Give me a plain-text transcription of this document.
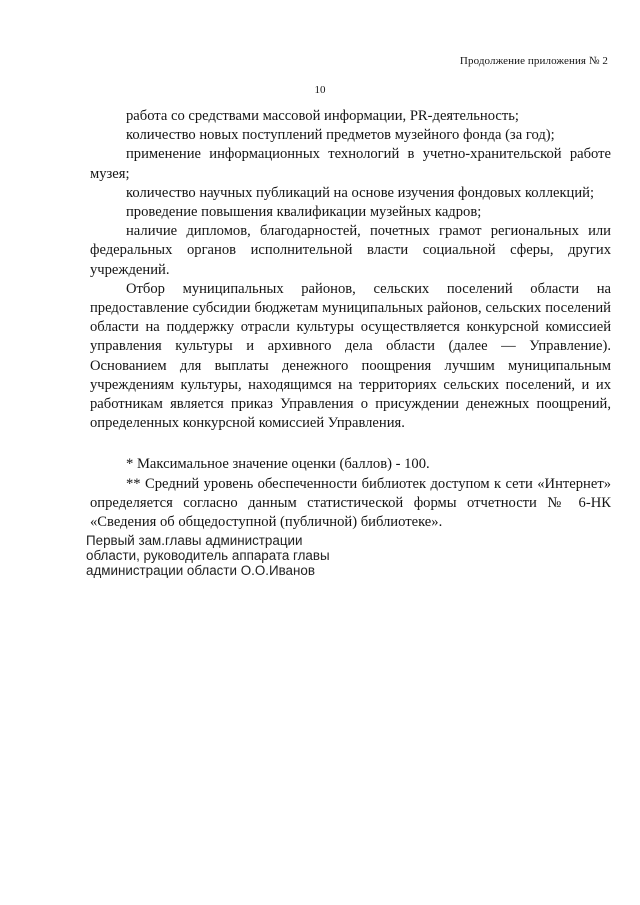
Продолжение приложения № 2
10

работа со средствами массовой информации, PR-деятельность;

количество новых поступлений предметов музейного фонда (за год);

применение информационных технологий в учетно-хранительской работе музея;

количество научных публикаций на основе изучения фондовых коллекций;

проведение повышения квалификации музейных кадров;

наличие дипломов, благодарностей, почетных грамот региональных или федеральных органов исполнительной власти социальной сферы, других учреждений.

Отбор муниципальных районов, сельских поселений области на предоставление субсидии бюджетам муниципальных районов, сельских поселений области на поддержку отрасли культуры осуществляется конкурсной комиссией управления культуры и архивного дела области (далее — Управление). Основанием для выплаты денежного поощрения лучшим муниципальным учреждениям культуры, находящимся на территориях сельских поселений, и их работникам является приказ Управления о присуждении денежных поощрений, определенных конкурсной комиссией Управления.

* Максимальное значение оценки (баллов) - 100.

** Средний уровень обеспеченности библиотек доступом к сети «Интернет» определяется согласно данным статистической формы отчетности № 6-НК «Сведения об общедоступной (публичной) библиотеке».

Первый зам.главы администрации
области, руководитель аппарата главы
администрации области О.О.Иванов
